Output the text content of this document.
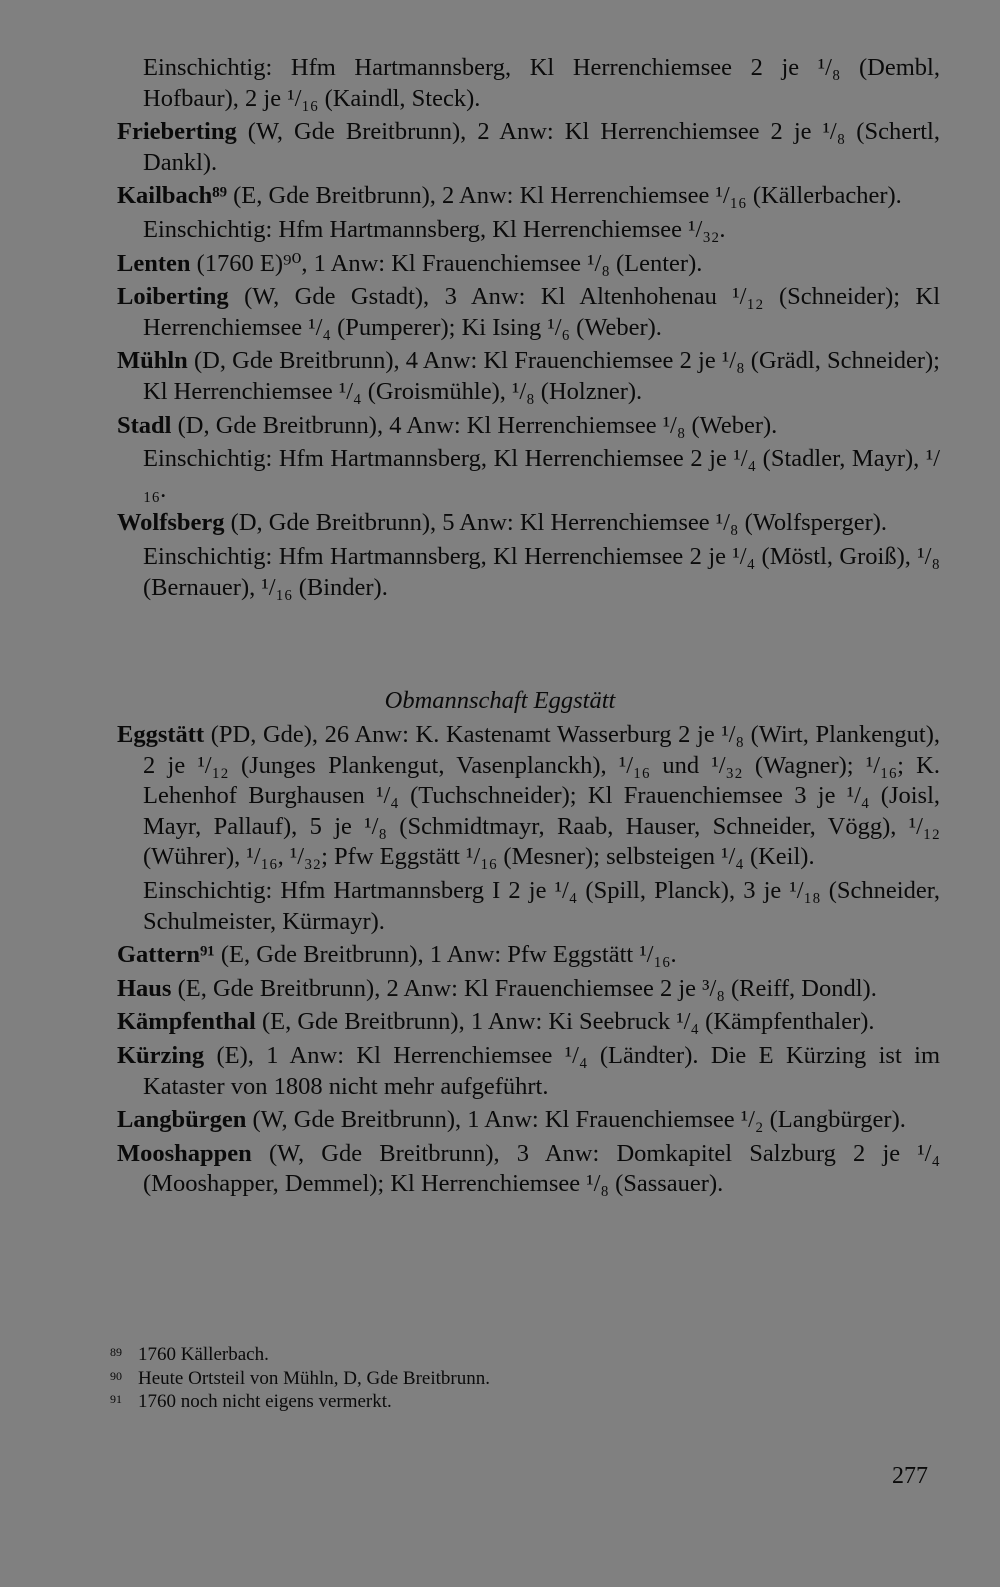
Einschichtig: Hfm Hartmannsberg, Kl Herrenchiemsee 2 je ¹/₈ (Dembl, Hofbaur), 2 je ¹/₁₆ (Kaindl, Steck).

Frieberting (W, Gde Breitbrunn), 2 Anw: Kl Herrenchiemsee 2 je ¹/₈ (Schertl, Dankl).

Kailbach⁸⁹ (E, Gde Breitbrunn), 2 Anw: Kl Herrenchiemsee ¹/₁₆ (Källerbacher).

Einschichtig: Hfm Hartmannsberg, Kl Herrenchiemsee ¹/₃₂.

Lenten (1760 E)⁹⁰, 1 Anw: Kl Frauenchiemsee ¹/₈ (Lenter).

Loiberting (W, Gde Gstadt), 3 Anw: Kl Altenhohenau ¹/₁₂ (Schneider); Kl Herrenchiemsee ¹/₄ (Pumperer); Ki Ising ¹/₆ (Weber).

Mühln (D, Gde Breitbrunn), 4 Anw: Kl Frauenchiemsee 2 je ¹/₈ (Grädl, Schneider); Kl Herrenchiemsee ¹/₄ (Groismühle), ¹/₈ (Holzner).

Stadl (D, Gde Breitbrunn), 4 Anw: Kl Herrenchiemsee ¹/₈ (Weber).

Einschichtig: Hfm Hartmannsberg, Kl Herrenchiemsee 2 je ¹/₄ (Stadler, Mayr), ¹/₁₆.

Wolfsberg (D, Gde Breitbrunn), 5 Anw: Kl Herrenchiemsee ¹/₈ (Wolfsperger).

Einschichtig: Hfm Hartmannsberg, Kl Herrenchiemsee 2 je ¹/₄ (Möstl, Groiß), ¹/₈ (Bernauer), ¹/₁₆ (Binder).

Obmannschaft Eggstätt

Eggstätt (PD, Gde), 26 Anw: K. Kastenamt Wasserburg 2 je ¹/₈ (Wirt, Plankengut), 2 je ¹/₁₂ (Junges Plankengut, Vasenplanckh), ¹/₁₆ und ¹/₃₂ (Wagner); ¹/₁₆; K. Lehenhof Burghausen ¹/₄ (Tuchschneider); Kl Frauenchiemsee 3 je ¹/₄ (Joisl, Mayr, Pallauf), 5 je ¹/₈ (Schmidtmayr, Raab, Hauser, Schneider, Vögg), ¹/₁₂ (Wührer), ¹/₁₆, ¹/₃₂; Pfw Eggstätt ¹/₁₆ (Mesner); selbsteigen ¹/₄ (Keil).

Einschichtig: Hfm Hartmannsberg I 2 je ¹/₄ (Spill, Planck), 3 je ¹/₁₈ (Schneider, Schulmeister, Kürmayr).

Gattern⁹¹ (E, Gde Breitbrunn), 1 Anw: Pfw Eggstätt ¹/₁₆.

Haus (E, Gde Breitbrunn), 2 Anw: Kl Frauenchiemsee 2 je ³/₈ (Reiff, Dondl).

Kämpfenthal (E, Gde Breitbrunn), 1 Anw: Ki Seebruck ¹/₄ (Kämpfenthaler).

Kürzing (E), 1 Anw: Kl Herrenchiemsee ¹/₄ (Ländter). Die E Kürzing ist im Kataster von 1808 nicht mehr aufgeführt.

Langbürgen (W, Gde Breitbrunn), 1 Anw: Kl Frauenchiemsee ¹/₂ (Langbürger).

Mooshappen (W, Gde Breitbrunn), 3 Anw: Domkapitel Salzburg 2 je ¹/₄ (Mooshapper, Demmel); Kl Herrenchiemsee ¹/₈ (Sassauer).

89 1760 Källerbach.
90 Heute Ortsteil von Mühln, D, Gde Breitbrunn.
91 1760 noch nicht eigens vermerkt.
277
